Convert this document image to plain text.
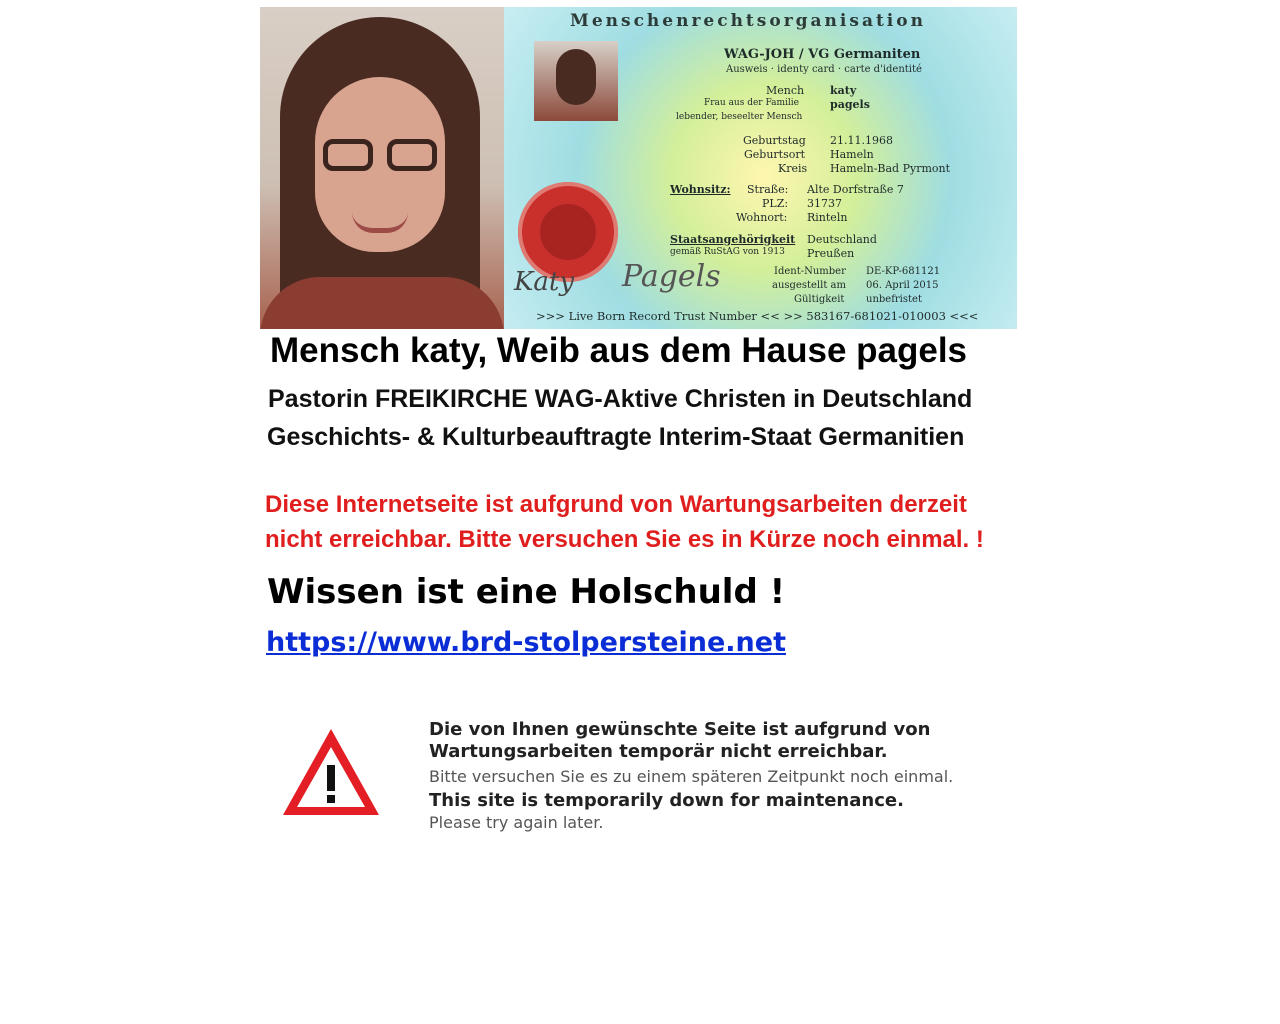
Menschenrechtsorganisation
WAG-JOH / VG Germaniten
Ausweis · identy card · carte d'identité
Mench katy
Frau aus der Familie	pagels
lebender, beseelter Mensch
Geburtstag 21.11.1968
Geburtsort Hameln
Kreis Hameln-Bad Pyrmont
Wohnsitz: Straße: Alte Dorfstraße 7
PLZ: 31737
Wohnort: Rinteln
Staatsangehörigkeit Deutschland
gemäß RuStAG von 1913 Preußen
Ident-Number DE-KP-681121
ausgestellt am 06. April 2015
Gültigkeit unbefristet
Katy Pagels
>>> Live Born Record Trust Number << >> 583167-681021-010003 <<<
Mensch katy, Weib aus dem Hause pagels
Pastorin FREIKIRCHE WAG-Aktive Christen in Deutschland
Geschichts- & Kulturbeauftragte Interim-Staat Germanitien
Diese Internetseite ist aufgrund von Wartungsarbeiten derzeit nicht erreichbar. Bitte versuchen Sie es in Kürze noch einmal. !
Wissen ist eine Holschuld !
https://www.brd-stolpersteine.net
Die von Ihnen gewünschte Seite ist aufgrund von
Wartungsarbeiten temporär nicht erreichbar.
Bitte versuchen Sie es zu einem späteren Zeitpunkt noch einmal.
This site is temporarily down for maintenance.
Please try again later.
